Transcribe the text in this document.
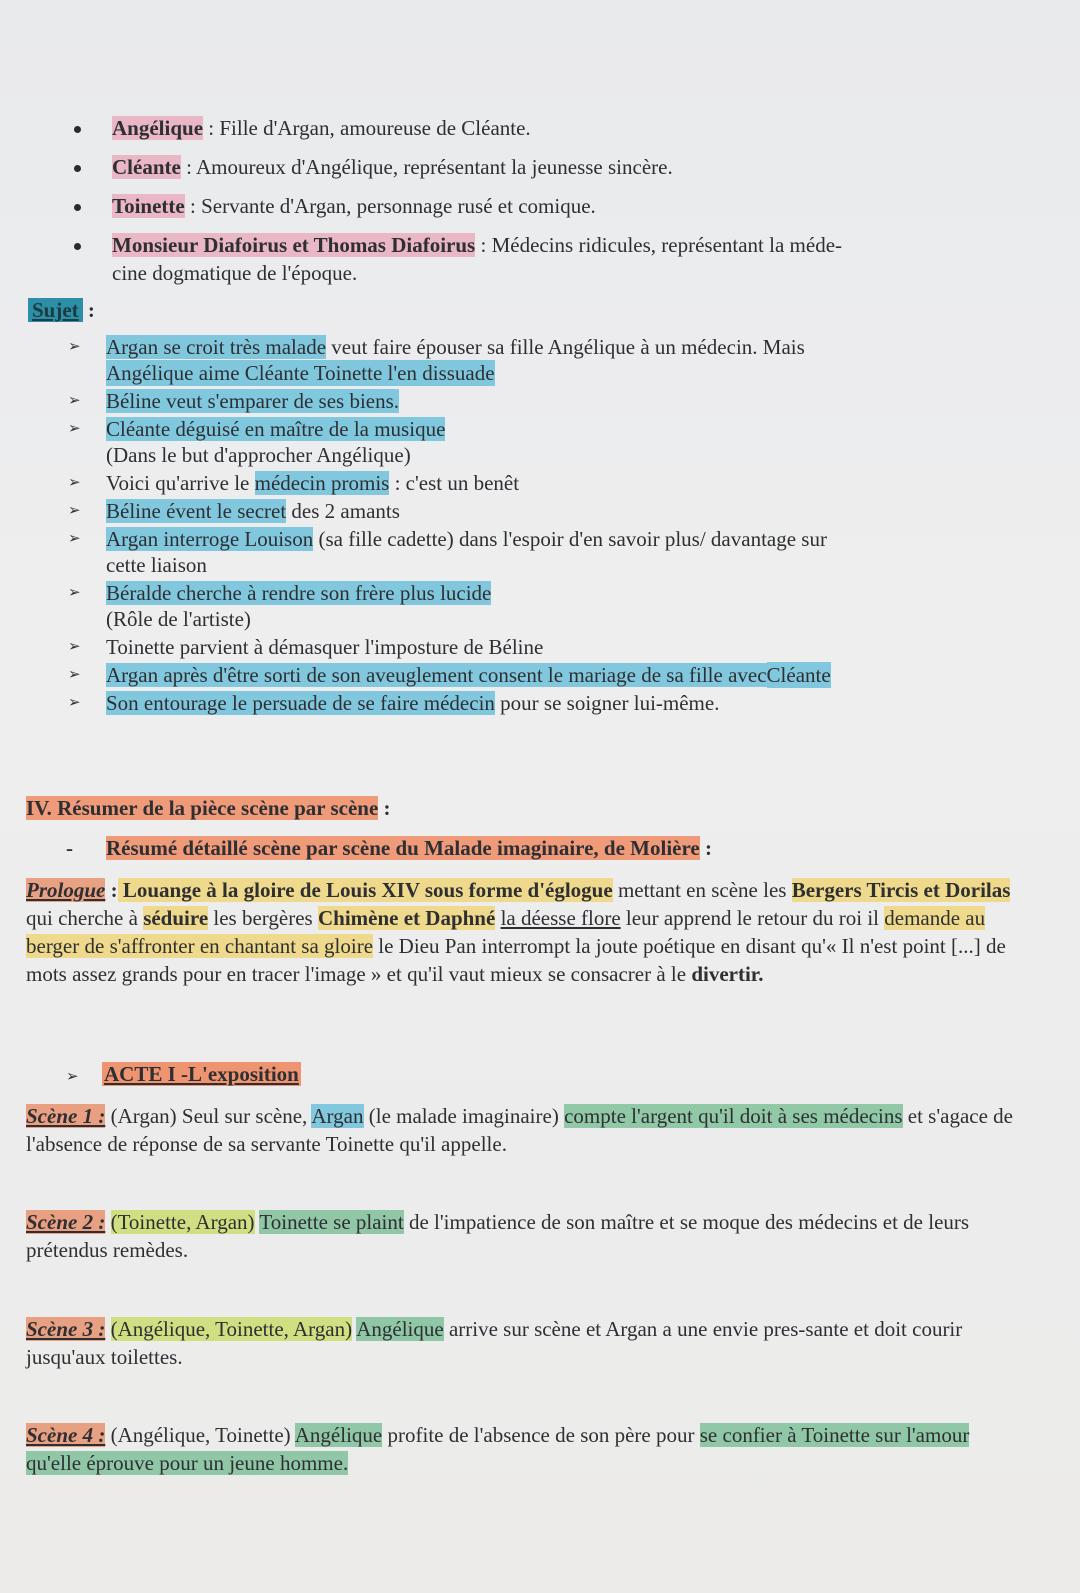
Angélique : Fille d'Argan, amoureuse de Cléante.
Cléante : Amoureux d'Angélique, représentant la jeunesse sincère.
Toinette : Servante d'Argan, personnage rusé et comique.
Monsieur Diafoirus et Thomas Diafoirus : Médecins ridicules, représentant la méde-
cine dogmatique de l'époque.
Sujet :
➢ Argan se croit très malade veut faire épouser sa fille Angélique à un médecin. MaisAngélique aime Cléante Toinette l'en dissuade
➢ Béline veut s'emparer de ses biens.
➢ Cléante déguisé en maître de la musique
(Dans le but d'approcher Angélique)
➢ Voici qu'arrive le médecin promis : c'est un benêt
➢ Béline évent le secret des 2 amants
➢ Argan interroge Louison (sa fille cadette) dans l'espoir d'en savoir plus/ davantage sur
cette liaison
➢ Béralde cherche à rendre son frère plus lucide
(Rôle de l'artiste)
➢ Toinette parvient à démasquer l'imposture de Béline
➢ Argan après d'être sorti de son aveuglement consent le mariage de sa fille avecCléante
➢ Son entourage le persuade de se faire médecin pour se soigner lui-même.
IV. Résumer de la pièce scène par scène :
- Résumé détaillé scène par scène du Malade imaginaire, de Molière :

Prologue : Louange à la gloire de Louis XIV sous forme d'églogue mettant en scène les Bergers Tircis et Dorilas qui cherche à séduire les bergères Chimène et Daphné la déesse flore leur apprend le retour du roi il demande au berger de s'affronter en chantant sa gloire le Dieu Pan interrompt la joute poétique en disant qu'« Il n'est point [...] de mots assez grands pour en tracer l'image » et qu'il vaut mieux se consacrer à le divertir.

➢ ACTE I -L'exposition

Scène 1 : (Argan) Seul sur scène, Argan (le malade imaginaire) compte l'argent qu'il doit à ses médecins et s'agace de l'absence de réponse de sa servante Toinette qu'il appelle.

Scène 2 : (Toinette, Argan) Toinette se plaint de l'impatience de son maître et se moque des médecins et de leurs prétendus remèdes.

Scène 3 : (Angélique, Toinette, Argan) Angélique arrive sur scène et Argan a une envie pres-sante et doit courir jusqu'aux toilettes.

Scène 4 : (Angélique, Toinette) Angélique profite de l'absence de son père pour se confier à Toinette sur l'amour qu'elle éprouve pour un jeune homme.
